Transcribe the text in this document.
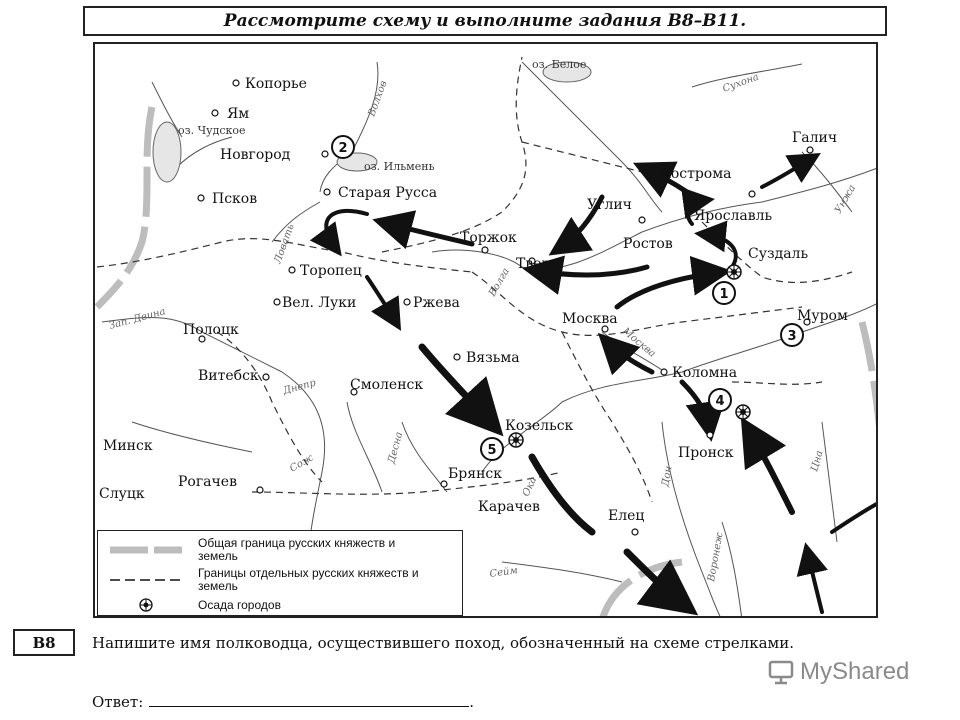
Рассмотрите схему и выполните задания В8–В11.
Копорье
Ям
Новгород
Старая Русса
Псков
Торжок
Тверь
Торопец
Вел. Луки	Ржева
Полоцк
Витебск
Смоленск
Вязьма
Москва
Коломна
Козельск
Брянск
Карачев
Елец
Пронск
Рогачев
Минск
Слуцк
Кострома
Галич
Углич
Ярославль
Ростов
Суздаль
Муром
Волхов
Ловать
Волга
Зап. Двина
Днепр
Сож	Десна
Ока	Дон
Москва
Сейм	Воронеж
Цна
Унжа
Сухона
оз. Чудское
оз. Ильмень
оз. Белое
1
2
3
4
5
Общая граница русских княжеств и земель
Границы отдельных русских княжеств и земель
Осада городов
В8	Напишите имя полководца, осуществившего поход, обозначенный на схеме стрелками.
Ответ:	.
MyShared
